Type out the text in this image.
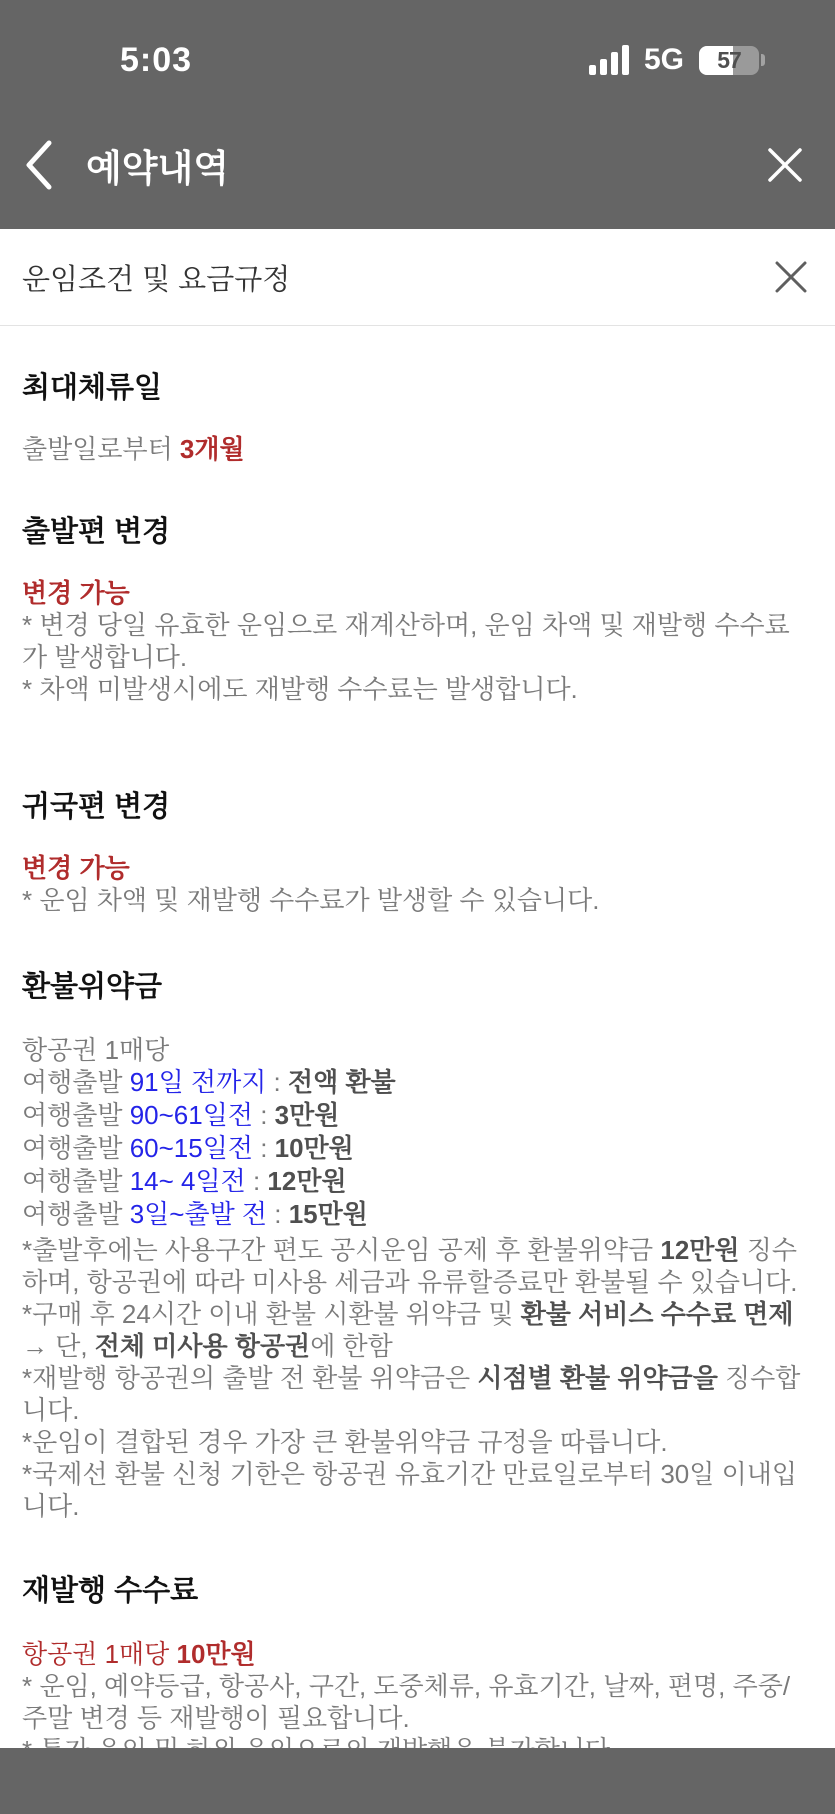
5:03	5G	57
예약내역
운임조건 및 요금규정
최대체류일

출발일로부터 3개월

출발편 변경
변경 가능

* 변경 당일 유효한 운임으로 재계산하며, 운임 차액 및 재발행 수수료가 발생합니다.

* 차액 미발생시에도 재발행 수수료는 발생합니다.

귀국편 변경
변경 가능

* 운임 차액 및 재발행 수수료가 발생할 수 있습니다.

환불위약금

항공권 1매당

여행출발 91일 전까지 : 전액 환불
여행출발 90~61일전 : 3만원
여행출발 60~15일전 : 10만원
여행출발 14~ 4일전 : 12만원
여행출발 3일~출발 전 : 15만원

*출발후에는 사용구간 편도 공시운임 공제 후 환불위약금 12만원 징수하며, 항공권에 따라 미사용 세금과 유류할증료만 환불될 수 있습니다.

*구매 후 24시간 이내 환불 시환불 위약금 및 환불 서비스 수수료 면제 → 단, 전체 미사용 항공권에 한함

*재발행 항공권의 출발 전 환불 위약금은 시점별 환불 위약금을 징수합니다.

*운임이 결합된 경우 가장 큰 환불위약금 규정을 따릅니다.

*국제선 환불 신청 기한은 항공권 유효기간 만료일로부터 30일 이내입니다.

재발행 수수료
항공권 1매당 10만원

* 운임, 예약등급, 항공사, 구간, 도중체류, 유효기간, 날짜, 편명, 주중/주말 변경 등 재발행이 필요합니다.
